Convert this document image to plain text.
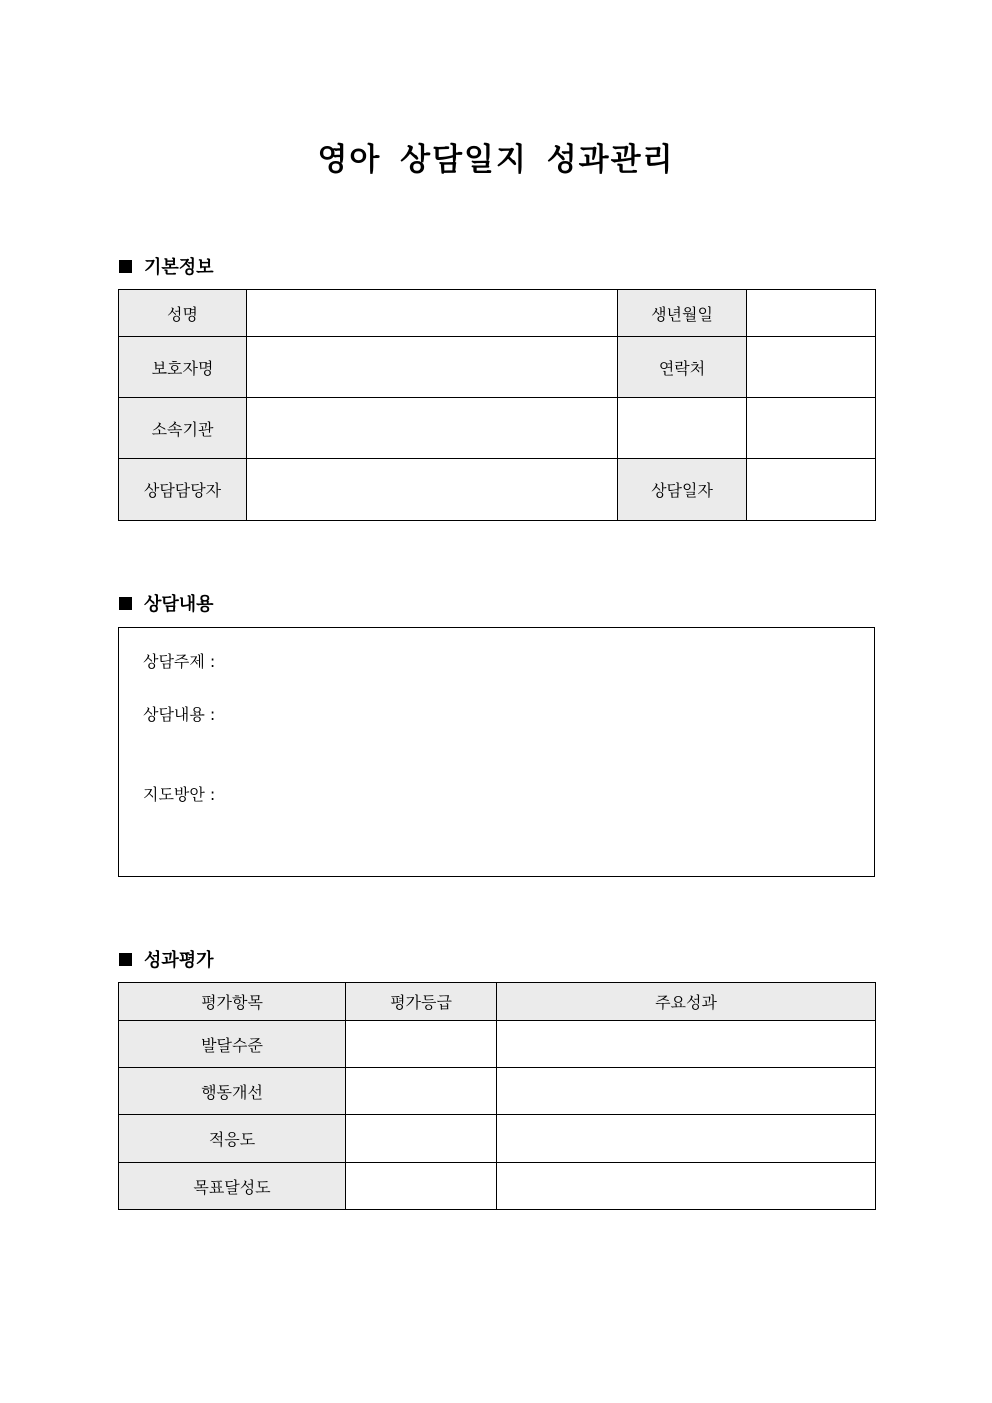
영아 상담일지 성과관리
기본정보
성명		생년월일	
보호자명		연락처	
소속기관			
상담담당자		상담일자	
상담내용
상담주제 :
상담내용 :
지도방안 :
성과평가
평가항목	평가등급	주요성과
발달수준		
행동개선		
적응도		
목표달성도		
